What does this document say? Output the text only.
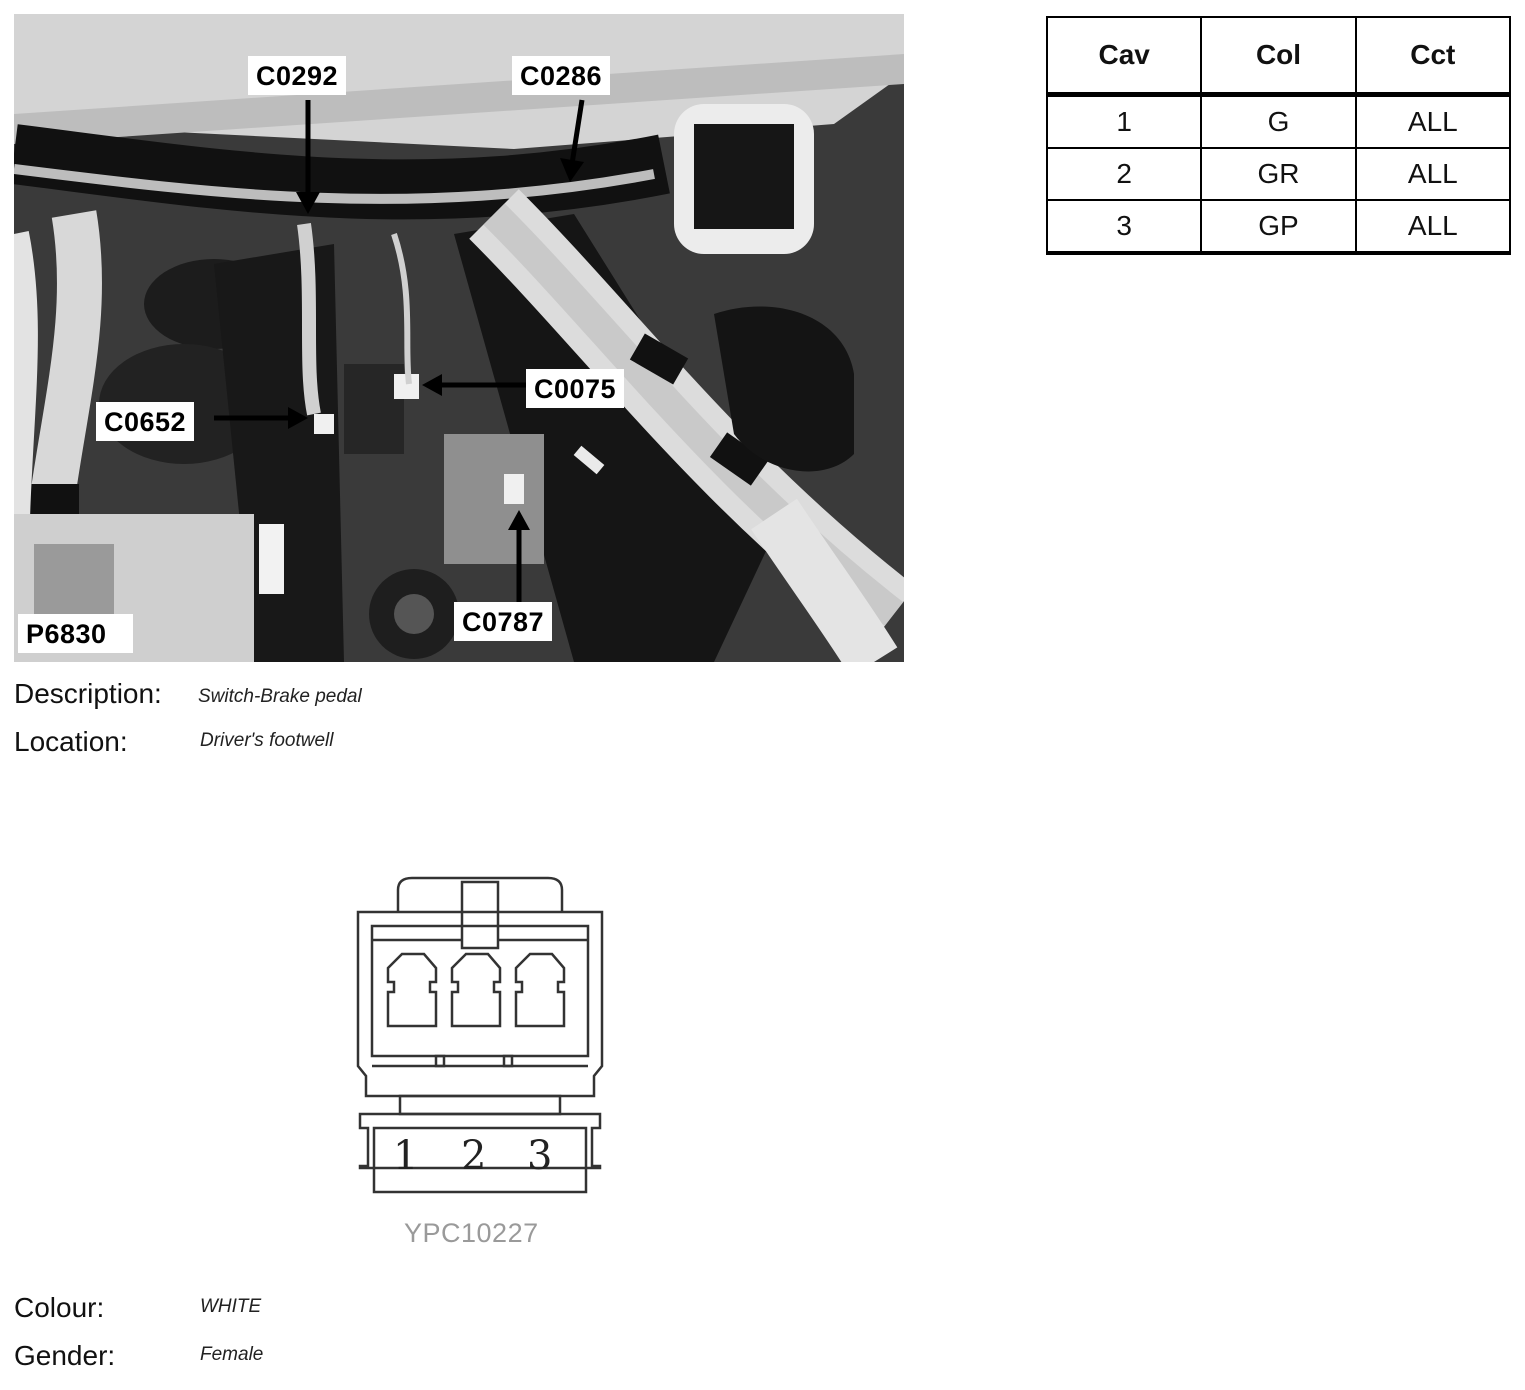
C0292	C0286
C0075
C0652
C0787
P6830
Cav	Col	Cct
1	G	ALL
2	GR	ALL
3	GP	ALL
Description: Switch-Brake pedal
Location:	Driver's footwell
1 2 3
YPC10227
Colour:	WHITE
Gender:	Female
